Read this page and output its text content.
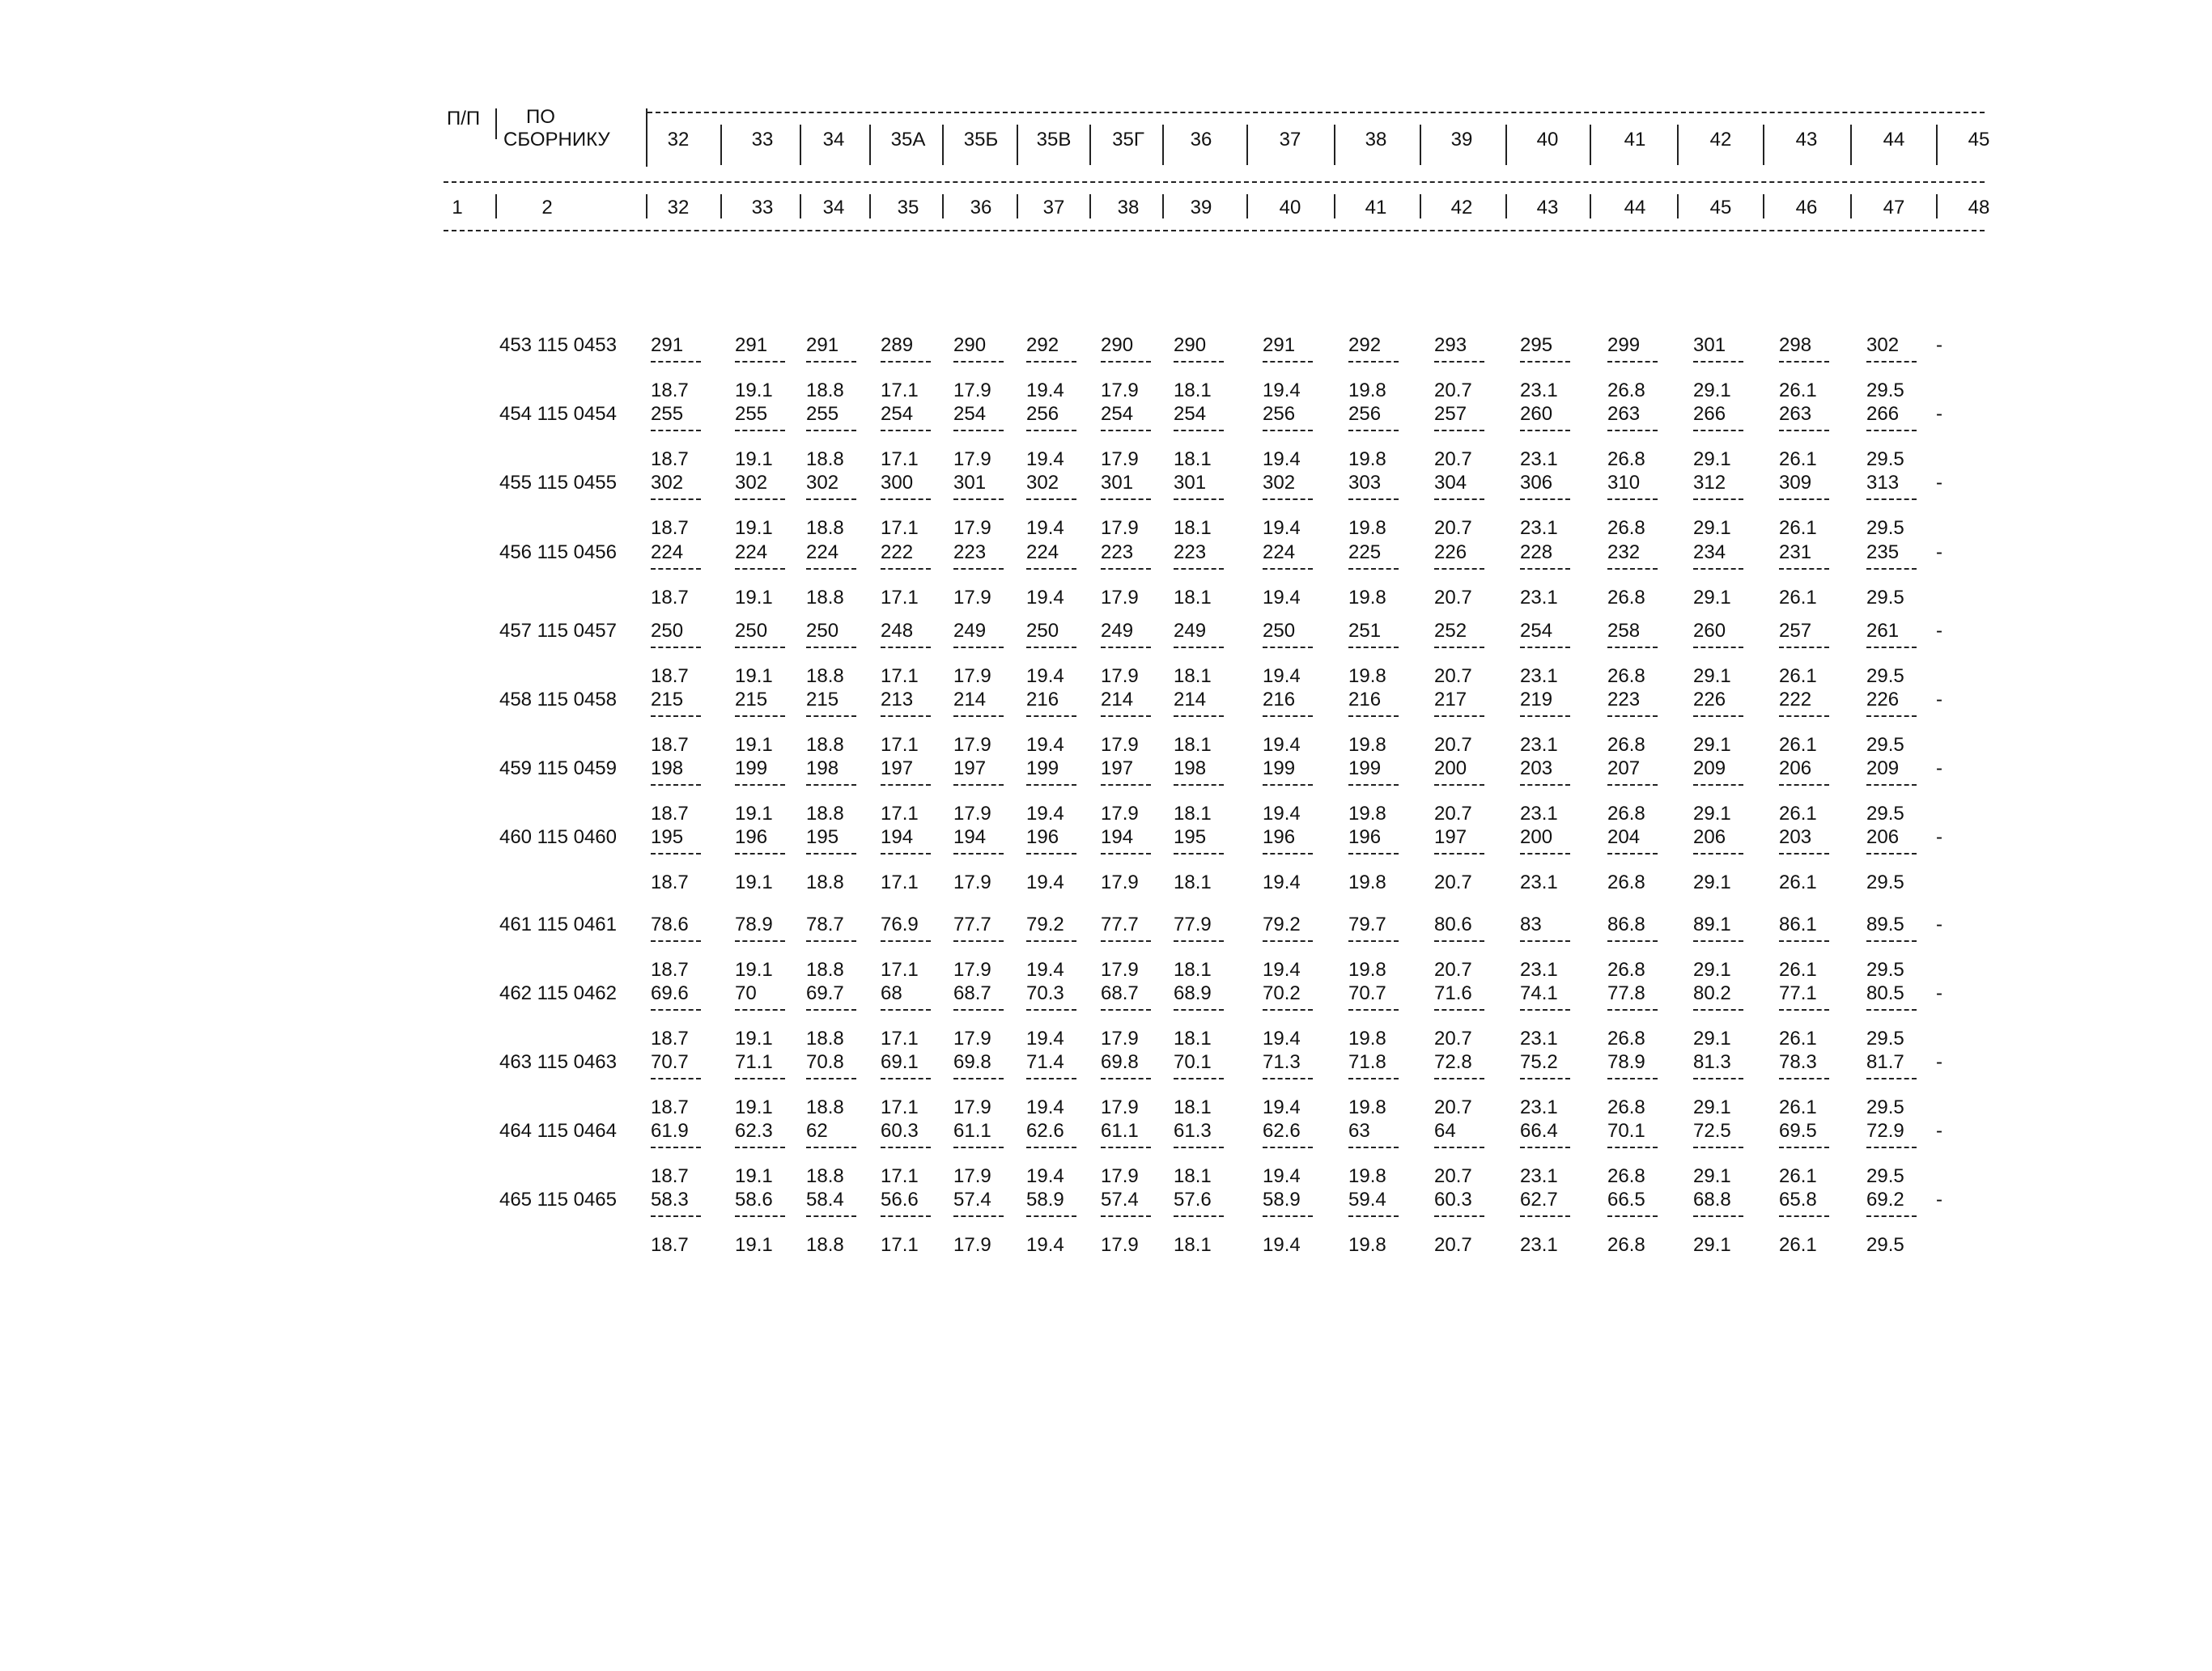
П/П ПО
СБОРНИКУ
1	2
32
32
33
33
34
34
35А
35
35Б
36
35В
37
35Г
38
36
39
37
40
38
41
39
42
40
43
41
44
42
45
43
46
44
47
45
48
453 115 0453 291
18.7
291
19.1
291
18.8
289
17.1
290
17.9
292
19.4
290
17.9
290
18.1
291
19.4
292
19.8
293
20.7
295
23.1
299
26.8
301
29.1
298
26.1
302
29.5
-
454 115 0454 255
18.7
255
19.1
255
18.8
254
17.1
254
17.9
256
19.4
254
17.9
254
18.1
256
19.4
256
19.8
257
20.7
260
23.1
263
26.8
266
29.1
263
26.1
266
29.5
-
455 115 0455 302
18.7
302
19.1
302
18.8
300
17.1
301
17.9
302
19.4
301
17.9
301
18.1
302
19.4
303
19.8
304
20.7
306
23.1
310
26.8
312
29.1
309
26.1
313
29.5
-
456 115 0456 224
18.7
224
19.1
224
18.8
222
17.1
223
17.9
224
19.4
223
17.9
223
18.1
224
19.4
225
19.8
226
20.7
228
23.1
232
26.8
234
29.1
231
26.1
235
29.5
-
457 115 0457 250
18.7
250
19.1
250
18.8
248
17.1
249
17.9
250
19.4
249
17.9
249
18.1
250
19.4
251
19.8
252
20.7
254
23.1
258
26.8
260
29.1
257
26.1
261
29.5
-
458 115 0458 215
18.7
215
19.1
215
18.8
213
17.1
214
17.9
216
19.4
214
17.9
214
18.1
216
19.4
216
19.8
217
20.7
219
23.1
223
26.8
226
29.1
222
26.1
226
29.5
-
459 115 0459 198
18.7
199
19.1
198
18.8
197
17.1
197
17.9
199
19.4
197
17.9
198
18.1
199
19.4
199
19.8
200
20.7
203
23.1
207
26.8
209
29.1
206
26.1
209
29.5
-
460 115 0460 195
18.7
196
19.1
195
18.8
194
17.1
194
17.9
196
19.4
194
17.9
195
18.1
196
19.4
196
19.8
197
20.7
200
23.1
204
26.8
206
29.1
203
26.1
206
29.5
-
461 115 0461 78.6
18.7
78.9
19.1
78.7
18.8
76.9
17.1
77.7
17.9
79.2
19.4
77.7
17.9
77.9
18.1
79.2
19.4
79.7
19.8
80.6
20.7
83
23.1
86.8
26.8
89.1
29.1
86.1
26.1
89.5
29.5
-
462 115 0462 69.6
18.7
70
19.1
69.7
18.8
68
17.1
68.7
17.9
70.3
19.4
68.7
17.9
68.9
18.1
70.2
19.4
70.7
19.8
71.6
20.7
74.1
23.1
77.8
26.8
80.2
29.1
77.1
26.1
80.5
29.5
-
463 115 0463 70.7
18.7
71.1
19.1
70.8
18.8
69.1
17.1
69.8
17.9
71.4
19.4
69.8
17.9
70.1
18.1
71.3
19.4
71.8
19.8
72.8
20.7
75.2
23.1
78.9
26.8
81.3
29.1
78.3
26.1
81.7
29.5
-
464 115 0464 61.9
18.7
62.3
19.1
62
18.8
60.3
17.1
61.1
17.9
62.6
19.4
61.1
17.9
61.3
18.1
62.6
19.4
63
19.8
64
20.7
66.4
23.1
70.1
26.8
72.5
29.1
69.5
26.1
72.9
29.5
-
465 115 0465 58.3
18.7
58.6
19.1
58.4
18.8
56.6
17.1
57.4
17.9
58.9
19.4
57.4
17.9
57.6
18.1
58.9
19.4
59.4
19.8
60.3
20.7
62.7
23.1
66.5
26.8
68.8
29.1
65.8
26.1
69.2
29.5
-
